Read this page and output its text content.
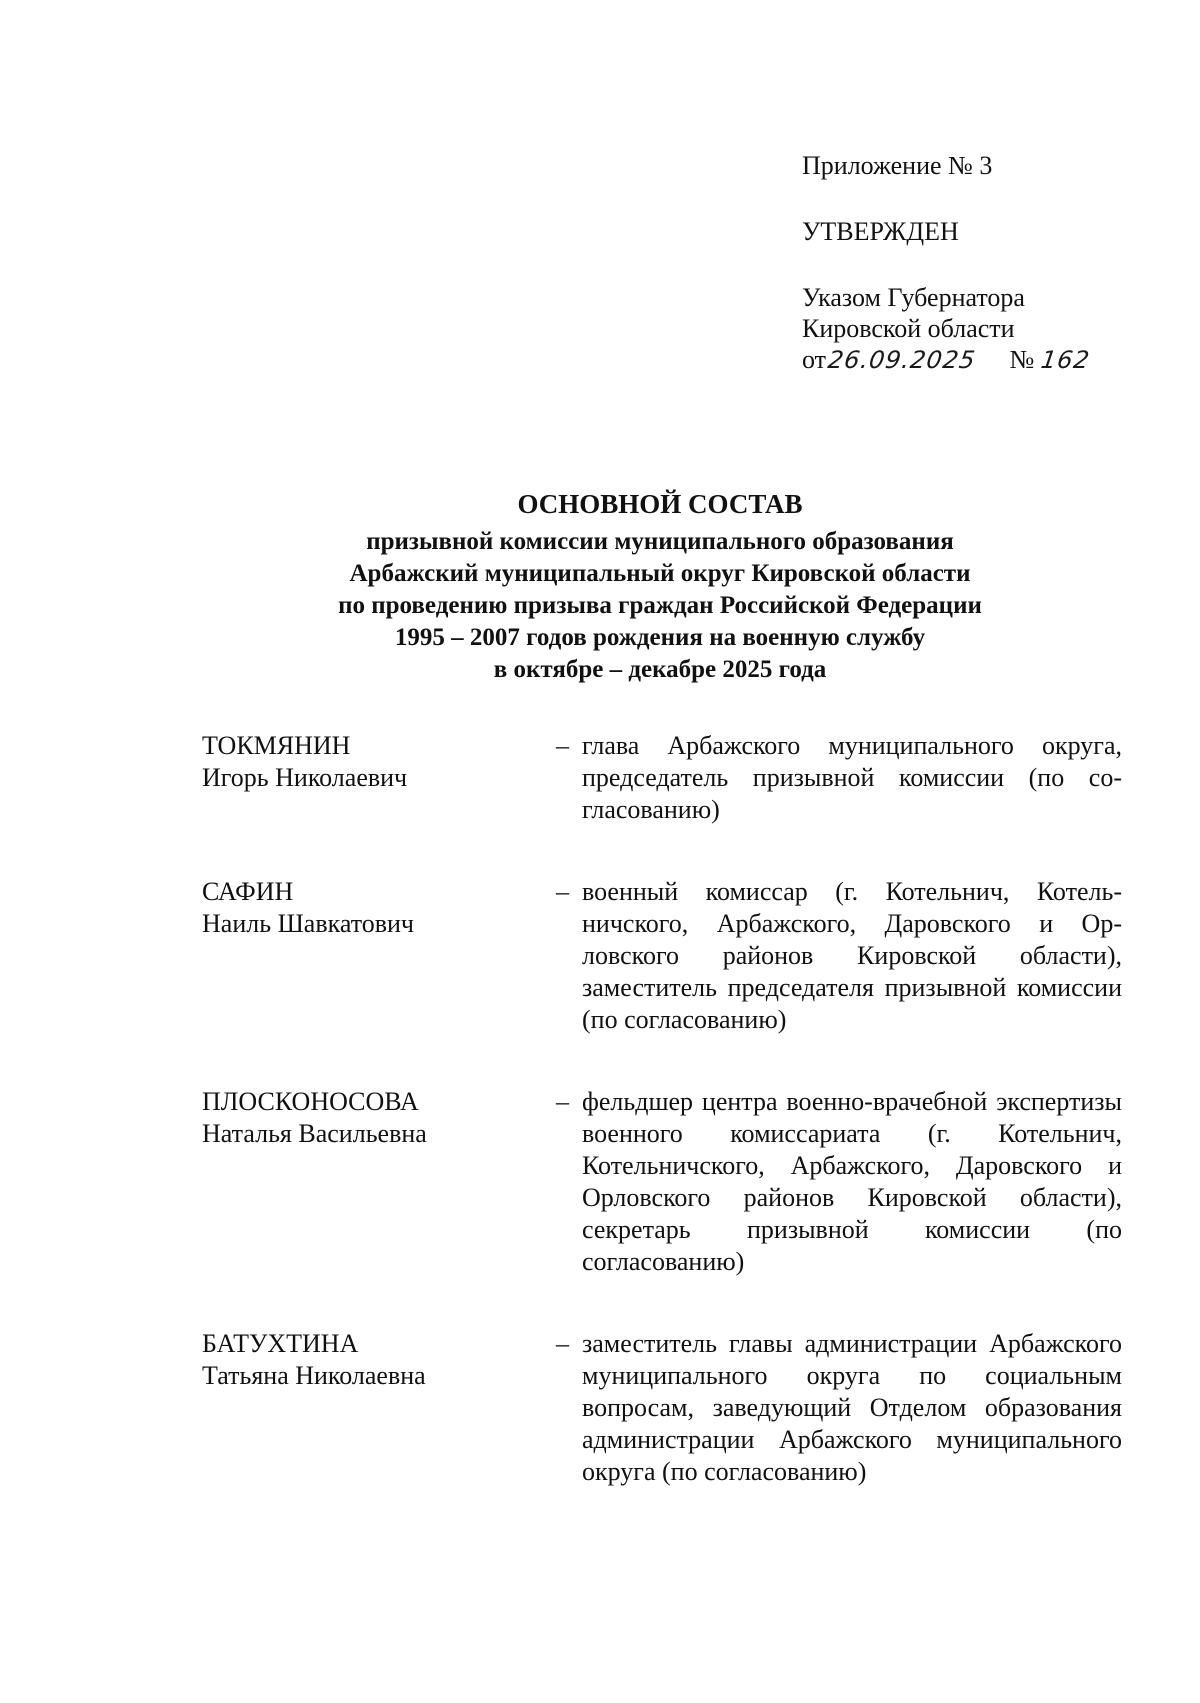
Приложение № 3
УТВЕРЖДЕН
Указом Губернатора
Кировской области
от26.09.2025 № 162
ОСНОВНОЙ СОСТАВ
призывной комиссии муниципального образования
Арбажский муниципальный округ Кировской области
по проведению призыва граждан Российской Федерации
1995 – 2007 годов рождения на военную службу
в октябре – декабре 2025 года
ТОКМЯНИН
Игорь Николаевич
– глава Арбажского муниципального округа, председатель призывной комиссии (по согласованию)
САФИН
Наиль Шавкатович
– военный комиссар (г. Котельнич, Котельничского, Арбажского, Даровского и Орловского районов Кировской области), заместитель председателя призывной комиссии (по согласованию)
ПЛОСКОНОСОВА
Наталья Васильевна
– фельдшер центра военно-врачебной экспертизы военного комиссариата (г. Котельнич, Котельничского, Арбажского, Даровского и Орловского районов Кировской области), секретарь призывной комиссии (по согласованию)
БАТУХТИНА
Татьяна Николаевна
– заместитель главы администрации Арбажского муниципального округа по социальным вопросам, заведующий Отделом образования администрации Арбажского муниципального округа (по согласованию)
